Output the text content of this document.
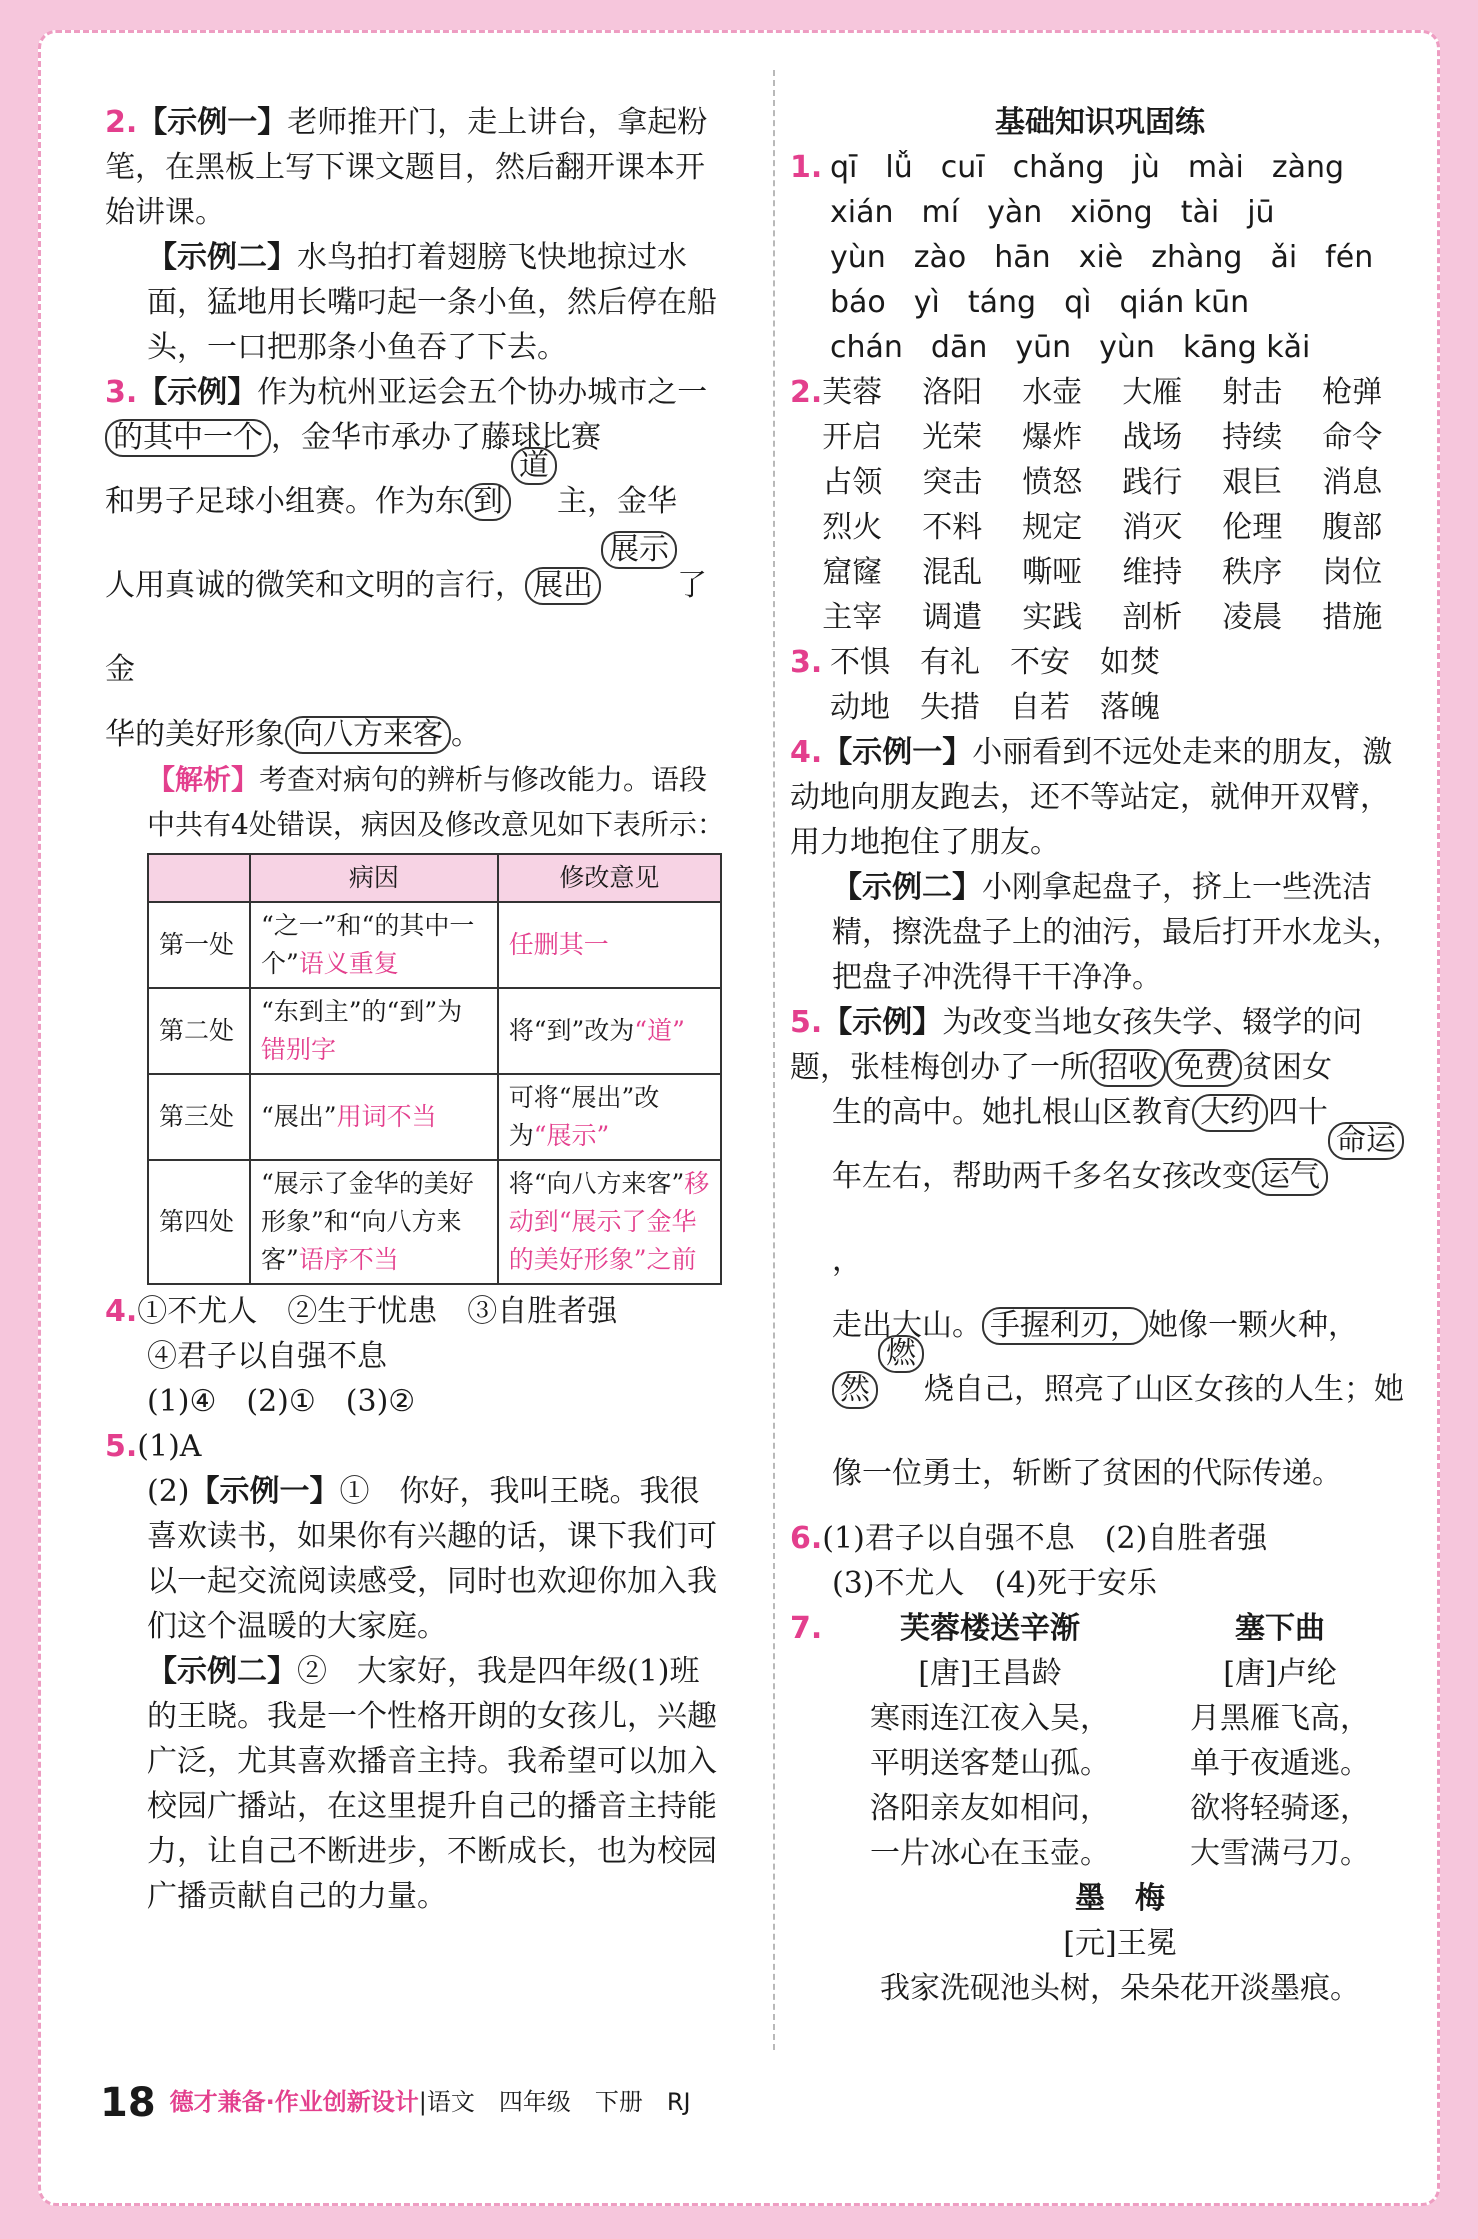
2.【示例一】老师推开门，走上讲台，拿起粉笔，在黑板上写下课文题目，然后翻开课本开始讲课。

【示例二】水鸟拍打着翅膀飞快地掠过水面，猛地用长嘴叼起一条小鱼，然后停在船头，一口把那条小鱼吞了下去。

3.【示例】作为杭州亚运会五个协办城市之一的其中一个 ，金华市承办了藤球比赛

和男子足球小组赛。作为东 到道主，金华

人用真诚的微笑和文明的言行， 展出展示了金

华的美好形象 向八方来客 。

【解析】考查对病句的辨析与修改能力。语段中共有4处错误，病因及修改意见如下表所示：

	病因	修改意见
第一处	“之一”和“的其中一个”语义重复	任删其一
第二处	“东到主”的“到”为错别字	将“到”改为“道”
第三处	“展出”用词不当	可将“展出”改为“展示”
第四处	“展示了金华的美好形象”和“向八方来客”语序不当	将“向八方来客”移动到“展示了金华的美好形象”之前

4.①不尤人　②生于忧患　③自胜者强

④君子以自强不息

(1)④　(2)①　(3)②

5.(1)A

(2)【示例一】①　你好，我叫王晓。我很喜欢读书，如果你有兴趣的话，课下我们可以一起交流阅读感受，同时也欢迎你加入我们这个温暖的大家庭。

【示例二】②　大家好，我是四年级(1)班的王晓。我是一个性格开朗的女孩儿，兴趣广泛，尤其喜欢播音主持。我希望可以加入校园广播站，在这里提升自己的播音主持能力，让自己不断进步，不断成长，也为校园广播贡献自己的力量。

基础知识巩固练

1. qī lǚ cuī chǎng jù mài zàng
xián mí yàn xiōng tài jū
yùn zào hān xiè zhàng ǎi fén
báo yì táng qì qián kūn
chán dān yūn yùn kāng kǎi
2. 芙蓉	洛阳	水壶	大雁	射击	枪弹
开启	光荣	爆炸	战场	持续	命令
占领	突击	愤怒	践行	艰巨	消息
烈火	不料	规定	消灭	伦理	腹部
窟窿	混乱	嘶哑	维持	秩序	岗位
主宰	调遣	实践	剖析	凌晨	措施
3. 不惧　有礼　不安　如焚

动地　失措　自若　落魄

4.【示例一】小丽看到不远处走来的朋友，激动地向朋友跑去，还不等站定，就伸开双臂，用力地抱住了朋友。

【示例二】小刚拿起盘子，挤上一些洗洁精，擦洗盘子上的油污，最后打开水龙头，把盘子冲洗得干干净净。

5.【示例】为改变当地女孩失学、辍学的问题，张桂梅创办了一所 招收 免费 贫困女

生的高中。她扎根山区教育 大约 四十

年左右，帮助两千多名女孩改变 运气命运，

走出大山。 手握利刃， 她像一颗火种，

然燃烧自己，照亮了山区女孩的人生；她像一位勇士，斩断了贫困的代际传递。

6.(1)君子以自强不息　(2)自胜者强

(3)不尤人　(4)死于安乐

7.	芙蓉楼送辛渐

[唐]王昌龄

寒雨连江夜入吴，

平明送客楚山孤。

洛阳亲友如相问，

一片冰心在玉壶。

塞下曲

[唐]卢纶

月黑雁飞高，

单于夜遁逃。

欲将轻骑逐，

大雪满弓刀。

墨　梅

[元]王冕

我家洗砚池头树，朵朵花开淡墨痕。

18 德才兼备·作业创新设计|语文　四年级　下册　RJ
